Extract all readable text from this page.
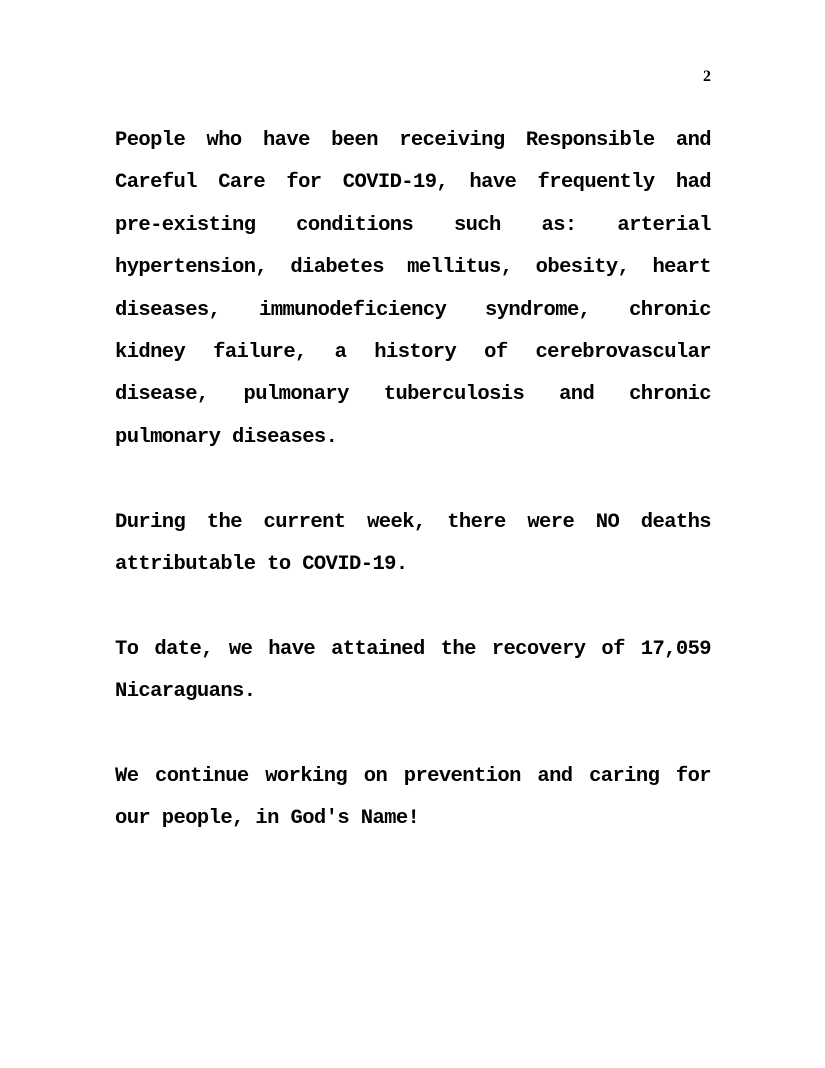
2

People who have been receiving Responsible and Careful Care for COVID-19, have frequently had pre-existing conditions such as: arterial hypertension, diabetes mellitus, obesity, heart diseases, immunodeficiency syndrome, chronic kidney failure, a history of cerebrovascular disease, pulmonary tuberculosis and chronic pulmonary diseases.

During the current week, there were NO deaths attributable to COVID-19.

To date, we have attained the recovery of 17,059 Nicaraguans.

We continue working on prevention and caring for our people, in God's Name!
